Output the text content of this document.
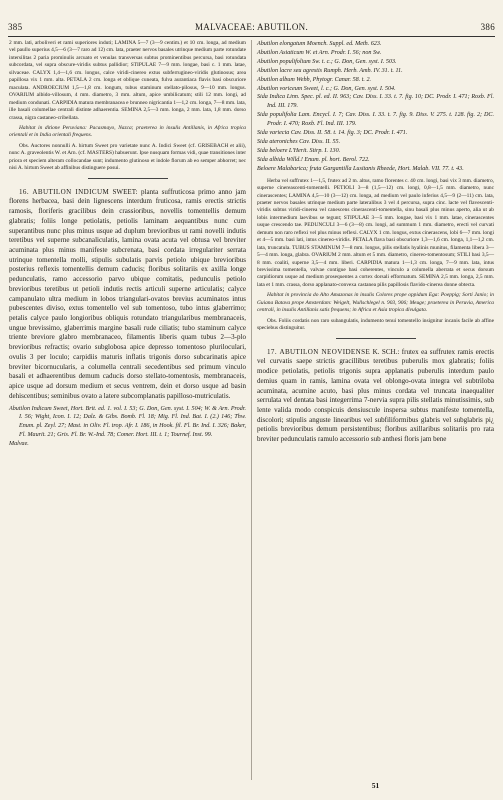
385	MALVACEAE: ABUTILON.	386

2 mm. lati, arboliveri et rami superiores induti; LAMINA 5—7 (3—9 centim.) et 10 cm. longa, ad medium vel paullo superius 4,5—6 (3—7 raro ad 12) cm. lata, praeter nervos basales utrinque medium parte rotundate intersilitas 2 paria prominulis arcuato et venulas transversas subtus prominentibus percursa, basi rotundata subcordata, vel supra obscure-viridis subtus pallidior; STIPULAE 7—9 mm. longae, basi c. 1 mm. latae, silvaceae. CALYX 1,4—1,6 cm. longus, calce viridi-cinereo extus subferrugineo-viridis glutinosus; area papillosa vix 1 mm. alta. PETALA 2 cm. longa et oblique cuneata, fulva aurantiaca flavis basi obscuriore maculata. ANDROECIUM 1,5—1,8 cm. longum, tubus staminum stellato-pilosus, 9—10 mm. longus. OVARIUM albido-villosum, 4 mm. diametro, 3 mm. altum, apice umbilicatum; stili 12 mm. longi, ad medium condunati. CARPIDIA matura membranacea e brunneo nigricantia 1—1,2 cm. longa, 7—8 mm. lata, ille basali columellae centrali distinte adhaerentia. SEMINA 2,5—3 mm. longa, 2 mm. lata, 1,8 mm. dorso crassa, nigra castaneo-cribellata.

Habitat in ditione Peruviana: Pacasmayo, Nazca; praeterea in insulis Antillanis, in Africa tropica orientali et in India orientali frequens.

Obs. Auctores nonnulli A. hirtum Sweet pro varietate nunc A. Indici Sweet (cf. GRISEBACH et alii), nunc A. graveolentis W. et Arn. (cf. MASTERS) habuerunt. Ipse nusquam formas vidi, quae transitiones inter priora et speciem alteram collocandae sunt; indumento glutinoso et indole florum ab eo semper abhorret; nec nisi A. hirtum Sweet ab affinibus distinguere posui.

16. ABUTILON INDICUM SWEET: planta suffruticosa primo anno jam florens herbacea, basi dein lignescens interdum fruticosa, ramis erectis strictis ramosis, floriferis gracilibus dein crassioribus, novellis tomentellis demum glabratis; foliis longe petiolatis, petiolis laminam aequantibus nunc cum superantibus nunc plus minus usque ad duplum brevioribus ut rami novelli indutis teretibus vel superne subcanaliculatis, lamina ovata acuta vel obtusa vel breviter acuminata plus minus manifeste subcrenata, basi cordata irregulariter serrata utrinque tomentella molli, stipulis subulatis parvis petiolo ubique brevioribus posterius reflexis tomentellis demum caducis; floribus solitariis ex axilla longe pedunculatis, ramo accessorio parvo ubique comitatis, pedunculis petiolo brevioribus teretibus ut petioli indutis rectis articuli superne articulatis; calyce campanulato ultra medium in lobos triangulari-ovatos brevius acuminatos intus pubescentes diviso, extus tomentello vel sub tomentoso, tubo intus glaberrimo; petalis calyce paulo longioribus obliquis rotundato triangularibus membranaceis, ungue brevissimo, glaberrimis margine basali rude ciliatis; tubo staminum calyce triente breviore glabro membranaceo, filamentis liberis quam tubus 2—3-plo brevioribus refractis; ovario subglobosa apice depresso tomentoso pluriloculari, ovulis 3 per loculo; carpidiis maturis inflatis trigonis dorso subcarinatis apice breviter bicornucularis, a columella centrali secedentibus sed primum vinculo basali et adhaerentibus demum caducis dorso stellato-tomentosis, membranaceis, apice usque ad dorsum medium et secus ventrem, dein et dorso usque ad basin dehiscentibus; seminibus ovato a latere subcomplanatis papilloso-mutriculatis.

Abutilon Indicum Sweet, Hort. Brit. ed. 1. vol. I. 53; G. Don, Gen. syst. I. 504; W. & Arn. Prodr. I. 56; Wight, Icon. I. 12; Dalz. & Gibs. Bomb. Fl. 18; Mig. Fl. Ind. Bat. I. (2.) 146; Thw. Enum. pl. Zeyl. 27; Mast. in Oliv. Fl. trop. Afr. I. 186, in Hook. fil. Fl. Br. Ind. I. 326; Baker, Fl. Maurit. 21; Gris. Fl. Br. W.-Ind. 78; Comer. Hort. III. t. 1; Tournef. Inst. 99.

Malvae.

Abutilon elongatum Moench. Suppl. ed. Meth. 623.

Abutilon Asiaticum W. et Arn. Prodr. I. 56; non Sw.

Abutilon populifolium Sw. t. c.; G. Don, Gen. syst. I. 503.

Abutilon lacre seu agrestis Rumph. Herb. Amb. IV. 31. t. 11.

Abutilon album Webb, Phytogr. Canar. 58. t. 2.

Abutilon voriceum Sweet, l. c.; G. Don, Gen. syst. I. 504.

Sida Indica Linn. Spec. pl. ed. II. 963; Cav. Diss. I. 33. t. 7. fig. 10; DC. Prodr. I. 471; Roxb. Fl. Ind. III. 179.

Sida populifolia Lam. Encycl. I. 7; Cav. Diss. I. 33. t. 7. fig. 9. Diss. V. 275. t. 128. fig. 2; DC. Prodr. I. 470; Roxb. Fl. Ind. III. 179.

Sida variecia Cav. Diss. II. 58. t. 14. fig. 3; DC. Prodr. I. 471.

Sida ateroniches Cav. Diss. II. 55.

Sida beloere L'Herit. Stirp. I. 130.

Sida albida Willd.! Enum. pl. hort. Berol. 722.

Beloere Malabarica; fruta Gargantilla Lusitanis Rheede, Hort. Malab. VII. 77. t. 43.

Herba vel suffrutex 1—1,5, frutex ad 2 m. altus, ramo florentes c. 40 cm. longi, basi vix 3 mm. diametro, superne cinereascenti-tomentelli. PETIOLI 3—8 (1,5—12) cm. longi, 0,8—1,5 mm. diametro, nunc cinerascentes; LAMINA 4,5—10 (3—12) cm. longa, ad medium vel paulo inferius 4,5—9 (2—11) cm. lata, praeter nervos basales utrinque medium parte lateralibus 3 vel 4 percursa, supra cinc. lacte vel flavescenti-viridis subtus viridi-cinerea vel canescens cinerascenti-tomentella, sinu basali plus minus aperto, alia ut ab lobis intermedium laevibus se tegunt; STIPULAE 3—5 mm. longae, basi vix 1 mm. latae, cinerascentes usque crescendo tae. PEDUNCULI 3—6 (3—8) cm. longi, ad summum 1 mm. diametro, erecti vel curvati demum non raro reflexi vel plus minus reflexi. CALYX 1 cm. longus, extus cinerascens, lobi 6—7 mm. longi et 4—5 mm. basi lati, intus cinereo-viridis. PETALA flava basi obscuriore 1,3—1,6 cm. longa, 1,1—1,2 cm. lata, truncatula. TUBUS STAMINUM 7—8 mm. longus, pilis stellatis hyalinis munitus, filamenta libera 3—5—4 mm. longa, glabra. OVARIUM 2 mm. altum et 5 mm. diametro, cinereo-tomentosum; STILI basi 3,5—8 mm. coaliti, superne 3,5—4 mm. liberi. CARPIDIA matura 1—1,3 cm. longa, 7—9 mm. lata, intus brevissima tomentella, valvae contigue basi coherentes, vinculo a columella aberrata et secus dorsum carpidiorum usque ad medium prosequentes a cortex dorsali efformatum. SEMINA 2,5 mm. longa, 2,5 mm. lata et 1 mm. crassa, dorso applanato-convexa castanea pilis papillosis flavido-cinerea donne obtecta.

Habitat in provincia do Alto Amazonas in insulis Colores prope oppidum Ega: Poeppig; Sorti Janio; in Guiana Batava prope Amsterdam: Weigelt, Wullschlegel n. 903, 906; Meuge; praeterea in Peruvia, America centrali, in insulis Antillanis satis frequens; in Africa et Asia tropica divulgata.

Obs. Foliis cordatis non raro subangulatis, indumento tenui tomentello insignitur incanis facile ab affine speciebus distinguitur.

17. ABUTILON NEOVIDENSE K. SCH.: frutex ea suffrutex ramis erectis vel curvatis saepe strictis gracillibus teretibus puberulis mox glabratis; foliis modice petiolatis, petiolis trigonis supra applanatis puberulis interdum paulo demius quam in ramis, lamina ovata vel oblongo-ovata integra vel subtriloba acuminata, acumine acuto, basi plus minus cordata vel truncata inaequaliter serrulata vel dentata basi integerrima 7-nervia supra pilis stellatis minutissimis, sub lente valida modo conspicuis densiuscule inspersa subtus manifeste tomentella, discolori; stipulis anguste linearibus vel subfiliformibus glabris vel subglabris pi¿ petiolis brevioribus demum persistentibus; floribus axillaribus solitariis pro rata breviter pedunculatis ramulo accessorio sub anthesi floris jam bene

51
